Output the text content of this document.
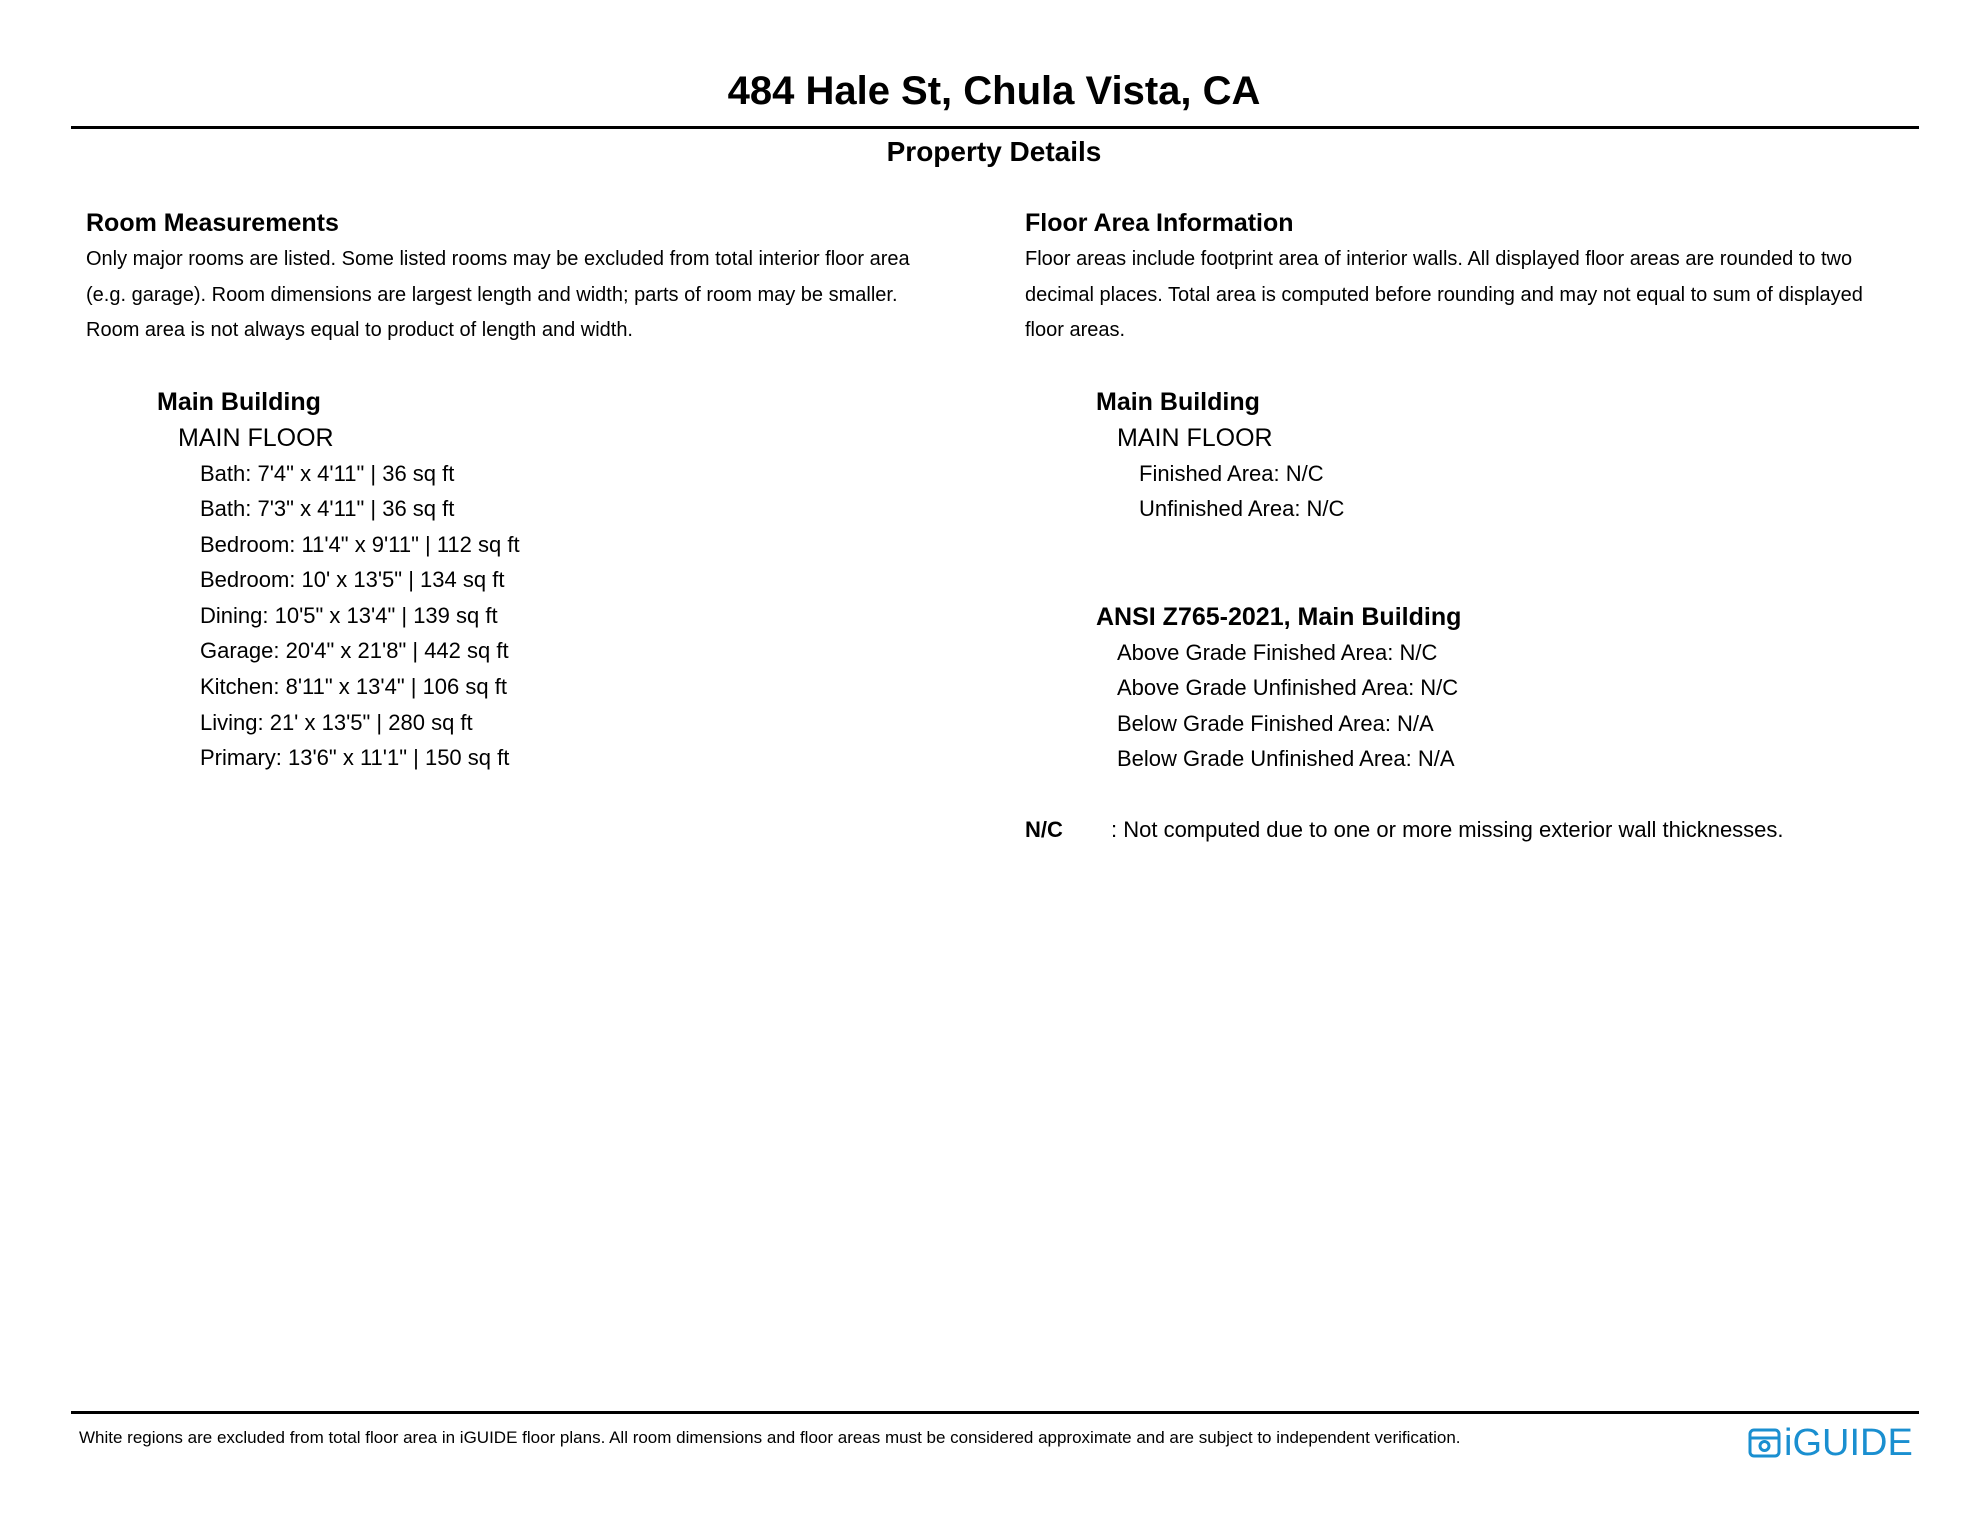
484 Hale St, Chula Vista, CA
Property Details
Room Measurements
Only major rooms are listed. Some listed rooms may be excluded from total interior floor area
(e.g. garage). Room dimensions are largest length and width; parts of room may be smaller.
Room area is not always equal to product of length and width.
Main Building
MAIN FLOOR
Bath: 7'4" x 4'11" | 36 sq ft
Bath: 7'3" x 4'11" | 36 sq ft
Bedroom: 11'4" x 9'11" | 112 sq ft
Bedroom: 10' x 13'5" | 134 sq ft
Dining: 10'5" x 13'4" | 139 sq ft
Garage: 20'4" x 21'8" | 442 sq ft
Kitchen: 8'11" x 13'4" | 106 sq ft
Living: 21' x 13'5" | 280 sq ft
Primary: 13'6" x 11'1" | 150 sq ft
Floor Area Information
Floor areas include footprint area of interior walls. All displayed floor areas are rounded to two
decimal places. Total area is computed before rounding and may not equal to sum of displayed
floor areas.
Main Building
MAIN FLOOR
Finished Area: N/C
Unfinished Area: N/C
ANSI Z765-2021, Main Building
Above Grade Finished Area: N/C
Above Grade Unfinished Area: N/C
Below Grade Finished Area: N/A
Below Grade Unfinished Area: N/A
N/C : Not computed due to one or more missing exterior wall thicknesses.
White regions are excluded from total floor area in iGUIDE floor plans. All room dimensions and floor areas must be considered approximate and are subject to independent verification.	iGUIDE
